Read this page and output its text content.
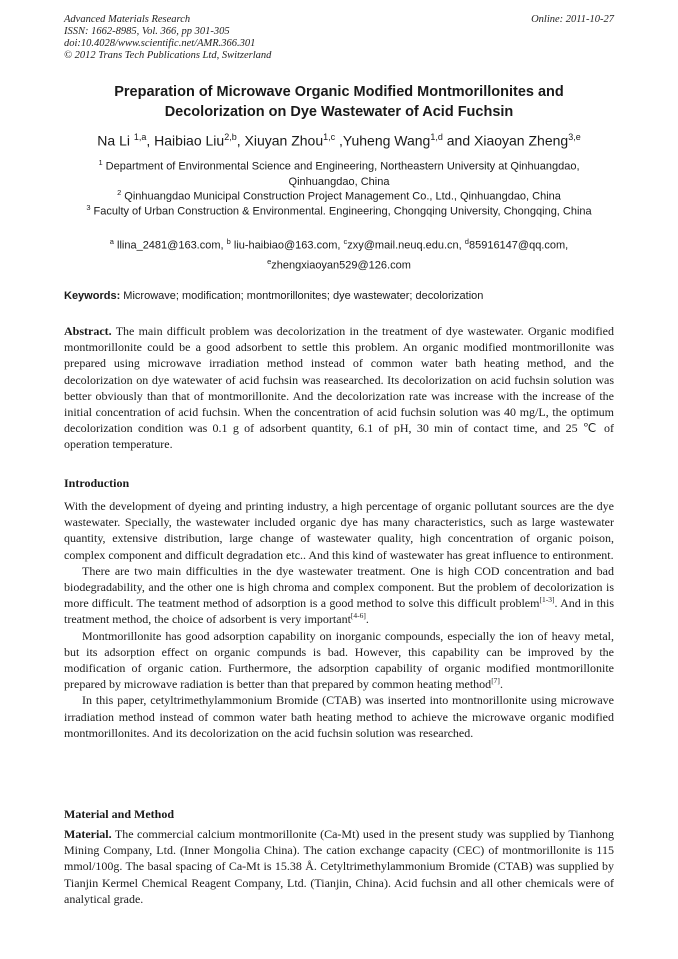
Advanced Materials Research
ISSN: 1662-8985, Vol. 366, pp 301-305
doi:10.4028/www.scientific.net/AMR.366.301
© 2012 Trans Tech Publications Ltd, Switzerland
Online: 2011-10-27
Preparation of Microwave Organic Modified Montmorillonites and
Decolorization on Dye Wastewater of Acid Fuchsin
Na Li $^{1,a}$, Haibiao Liu$^{2,b}$, Xiuyan Zhou$^{1,c}$ ,Yuheng Wang$^{1,d}$ and Xiaoyan Zheng$^{3,e}$
$^1$ Department of Environmental Science and Engineering, Northeastern University at Qinhuangdao, Qinhuangdao, China
$^2$ Qinhuangdao Municipal Construction Project Management Co., Ltd., Qinhuangdao, China
$^3$ Faculty of Urban Construction & Environmental. Engineering, Chongqing University, Chongqing, China
$^a$ llina_2481@163.com, $^b$ liu-haibiao@163.com, $^c$zxy@mail.neuq.edu.cn, $^d$85916147@qq.com,
$^e$zhengxiaoyan529@126.com
Keywords: Microwave; modification; montmorillonites; dye wastewater; decolorization
Abstract. The main difficult problem was decolorization in the treatment of dye wastewater. Organic modified montmorillonite could be a good adsorbent to settle this problem. An organic modified montmorillonite was prepared using microwave irradiation method instead of common water bath heating method, and the decolorization on dye watewater of acid fuchsin was reasearched. Its decolorization on acid fuchsin solution was better obviously than that of montmorillonite. And the decolorization rate was increase with the increase of the initial concentration of acid fuchsin. When the concentration of acid fuchsin solution was 40 mg/L, the optimum decolorization condition was 0.1 g of adsorbent quantity, 6.1 of pH, 30 min of contact time, and 25 ℃ of operation temperature.
Introduction

With the development of dyeing and printing industry, a high percentage of organic pollutant sources are the dye wastewater. Specially, the wastewater included organic dye has many characteristics, such as large wastewater quantity, extensive distribution, large change of wastewater quality, high concentration of organic poison, complex component and difficult degradation etc.. And this kind of wastewater has great influence to entironment.

There are two main difficulties in the dye wastewater treatment. One is high COD concentration and bad biodegradability, and the other one is high chroma and complex component. But the problem of decolorization is more difficult. The teatment method of adsorption is a good method to solve this difficult problem[1-3]. And in this treatment method, the choice of adsorbent is very important[4-6].

Montmorillonite has good adsorption capability on inorganic compounds, especially the ion of heavy metal, but its adsorption effect on organic compunds is bad. However, this capability can be improved by the modification of organic cation. Furthermore, the adsorption capability of organic modified montmorillonite prepared by microwave radiation is better than that prepared by common heating method[7].

In this paper, cetyltrimethylammonium Bromide (CTAB) was inserted into montnorillonite using microwave irradiation method instead of common water bath heating method to achieve the microwave organic modified montmorillonites. And its decolorization on the acid fuchsin solution was researched.

Material and Method
Material. The commercial calcium montmorillonite (Ca-Mt) used in the present study was supplied by Tianhong Mining Company, Ltd. (Inner Mongolia China). The cation exchange capacity (CEC) of montmorillonite is 115 mmol/100g. The basal spacing of Ca-Mt is 15.38 Å. Cetyltrimethylammonium Bromide (CTAB) was supplied by Tianjin Kermel Chemical Reagent Company, Ltd. (Tianjin, China). Acid fuchsin and all other chemicals were of analytical grade.
